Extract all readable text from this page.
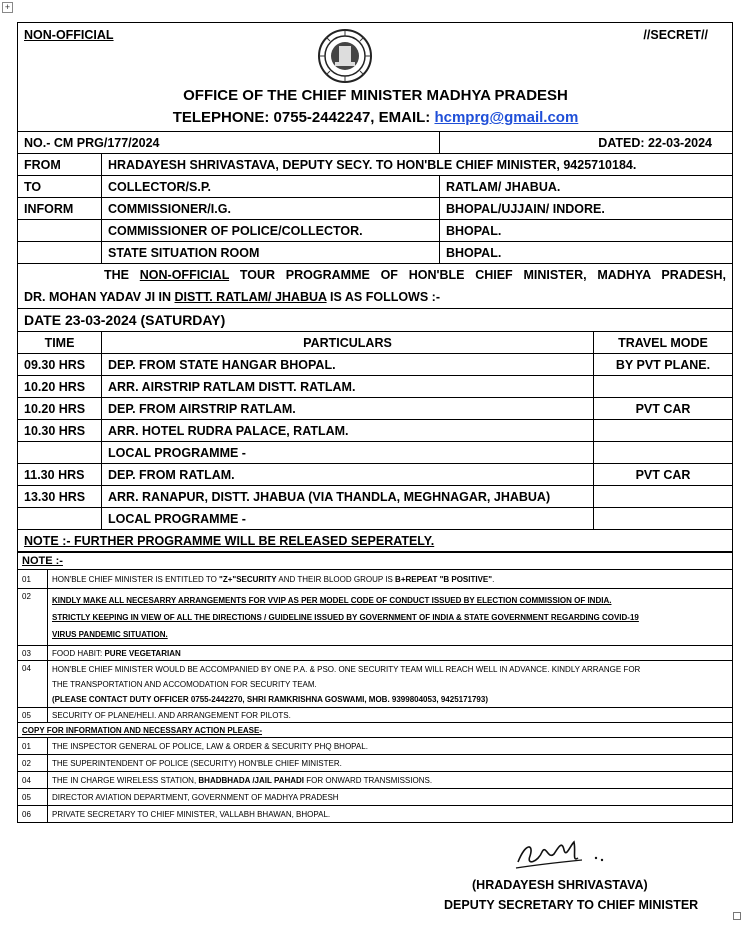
+
NON-OFFICIAL //SECRET//
OFFICE OF THE CHIEF MINISTER MADHYA PRADESH
TELEPHONE: 0755-2442247, EMAIL: hcmprg@gmail.com			

NO.- CM PRG/177/2024		DATED: 22-03-2024	
FROM	HRADAYESH SHRIVASTAVA, DEPUTY SECY. TO HON'BLE CHIEF MINISTER, 9425710184.		
TO	COLLECTOR/S.P.	RATLAM/ JHABUA.	
INFORM	COMMISSIONER/I.G.	BHOPAL/UJJAIN/ INDORE.	
	COMMISSIONER OF POLICE/COLLECTOR.	BHOPAL.	
	STATE SITUATION ROOM	BHOPAL.	

THE NON-OFFICIAL TOUR PROGRAMME OF HON'BLE CHIEF MINISTER, MADHYA PRADESH,
DR. MOHAN YADAV JI IN DISTT. RATLAM/ JHABUA IS AS FOLLOWS :-			

DATE 23-03-2024 (SATURDAY)			
TIME	PARTICULARS		TRAVEL MODE
09.30 HRS	DEP. FROM STATE HANGAR BHOPAL.		BY PVT PLANE.
10.20 HRS	ARR. AIRSTRIP RATLAM DISTT. RATLAM.		
10.20 HRS	DEP. FROM AIRSTRIP RATLAM.		PVT CAR
10.30 HRS	ARR. HOTEL RUDRA PALACE, RATLAM.		
	LOCAL PROGRAMME -		
11.30 HRS	DEP. FROM RATLAM.		PVT CAR
13.30 HRS	ARR. RANAPUR, DISTT. JHABUA (VIA THANDLA, MEGHNAGAR, JHABUA)		
	LOCAL PROGRAMME -		
NOTE :- FURTHER PROGRAMME WILL BE RELEASED SEPERATELY.			
NOTE :-	
01	HON'BLE CHIEF MINISTER IS ENTITLED TO "Z+"SECURITY AND THEIR BLOOD GROUP IS B+REPEAT "B POSITIVE".
02	KINDLY MAKE ALL NECESARRY ARRANGEMENTS FOR VVIP AS PER MODEL CODE OF CONDUCT ISSUED BY ELECTION COMMISSION OF INDIA.
STRICTLY KEEPING IN VIEW OF ALL THE DIRECTIONS / GUIDELINE ISSUED BY GOVERNMENT OF INDIA & STATE GOVERNMENT REGARDING COVID-19
VIRUS PANDEMIC SITUATION.

03	FOOD HABIT: PURE VEGETARIAN
04	HON'BLE CHIEF MINISTER WOULD BE ACCOMPANIED BY ONE P.A. & PSO. ONE SECURITY TEAM WILL REACH WELL IN ADVANCE. KINDLY ARRANGE FOR
THE TRANSPORTATION AND ACCOMODATION FOR SECURITY TEAM.
(PLEASE CONTACT DUTY OFFICER 0755-2442270, SHRI RAMKRISHNA GOSWAMI, MOB. 9399804053, 9425171793)

05	SECURITY OF PLANE/HELI. AND ARRANGEMENT FOR PILOTS.
COPY FOR INFORMATION AND NECESSARY ACTION PLEASE-	
01	THE INSPECTOR GENERAL OF POLICE, LAW & ORDER & SECURITY PHQ BHOPAL.
02	THE SUPERINTENDENT OF POLICE (SECURITY) HON'BLE CHIEF MINISTER.
04	THE IN CHARGE WIRELESS STATION, BHADBHADA /JAIL PAHADI FOR ONWARD TRANSMISSIONS.
05	DIRECTOR AVIATION DEPARTMENT, GOVERNMENT OF MADHYA PRADESH
06	PRIVATE SECRETARY TO CHIEF MINISTER, VALLABH BHAWAN, BHOPAL.
(HRADAYESH SHRIVASTAVA)
DEPUTY SECRETARY TO CHIEF MINISTER
